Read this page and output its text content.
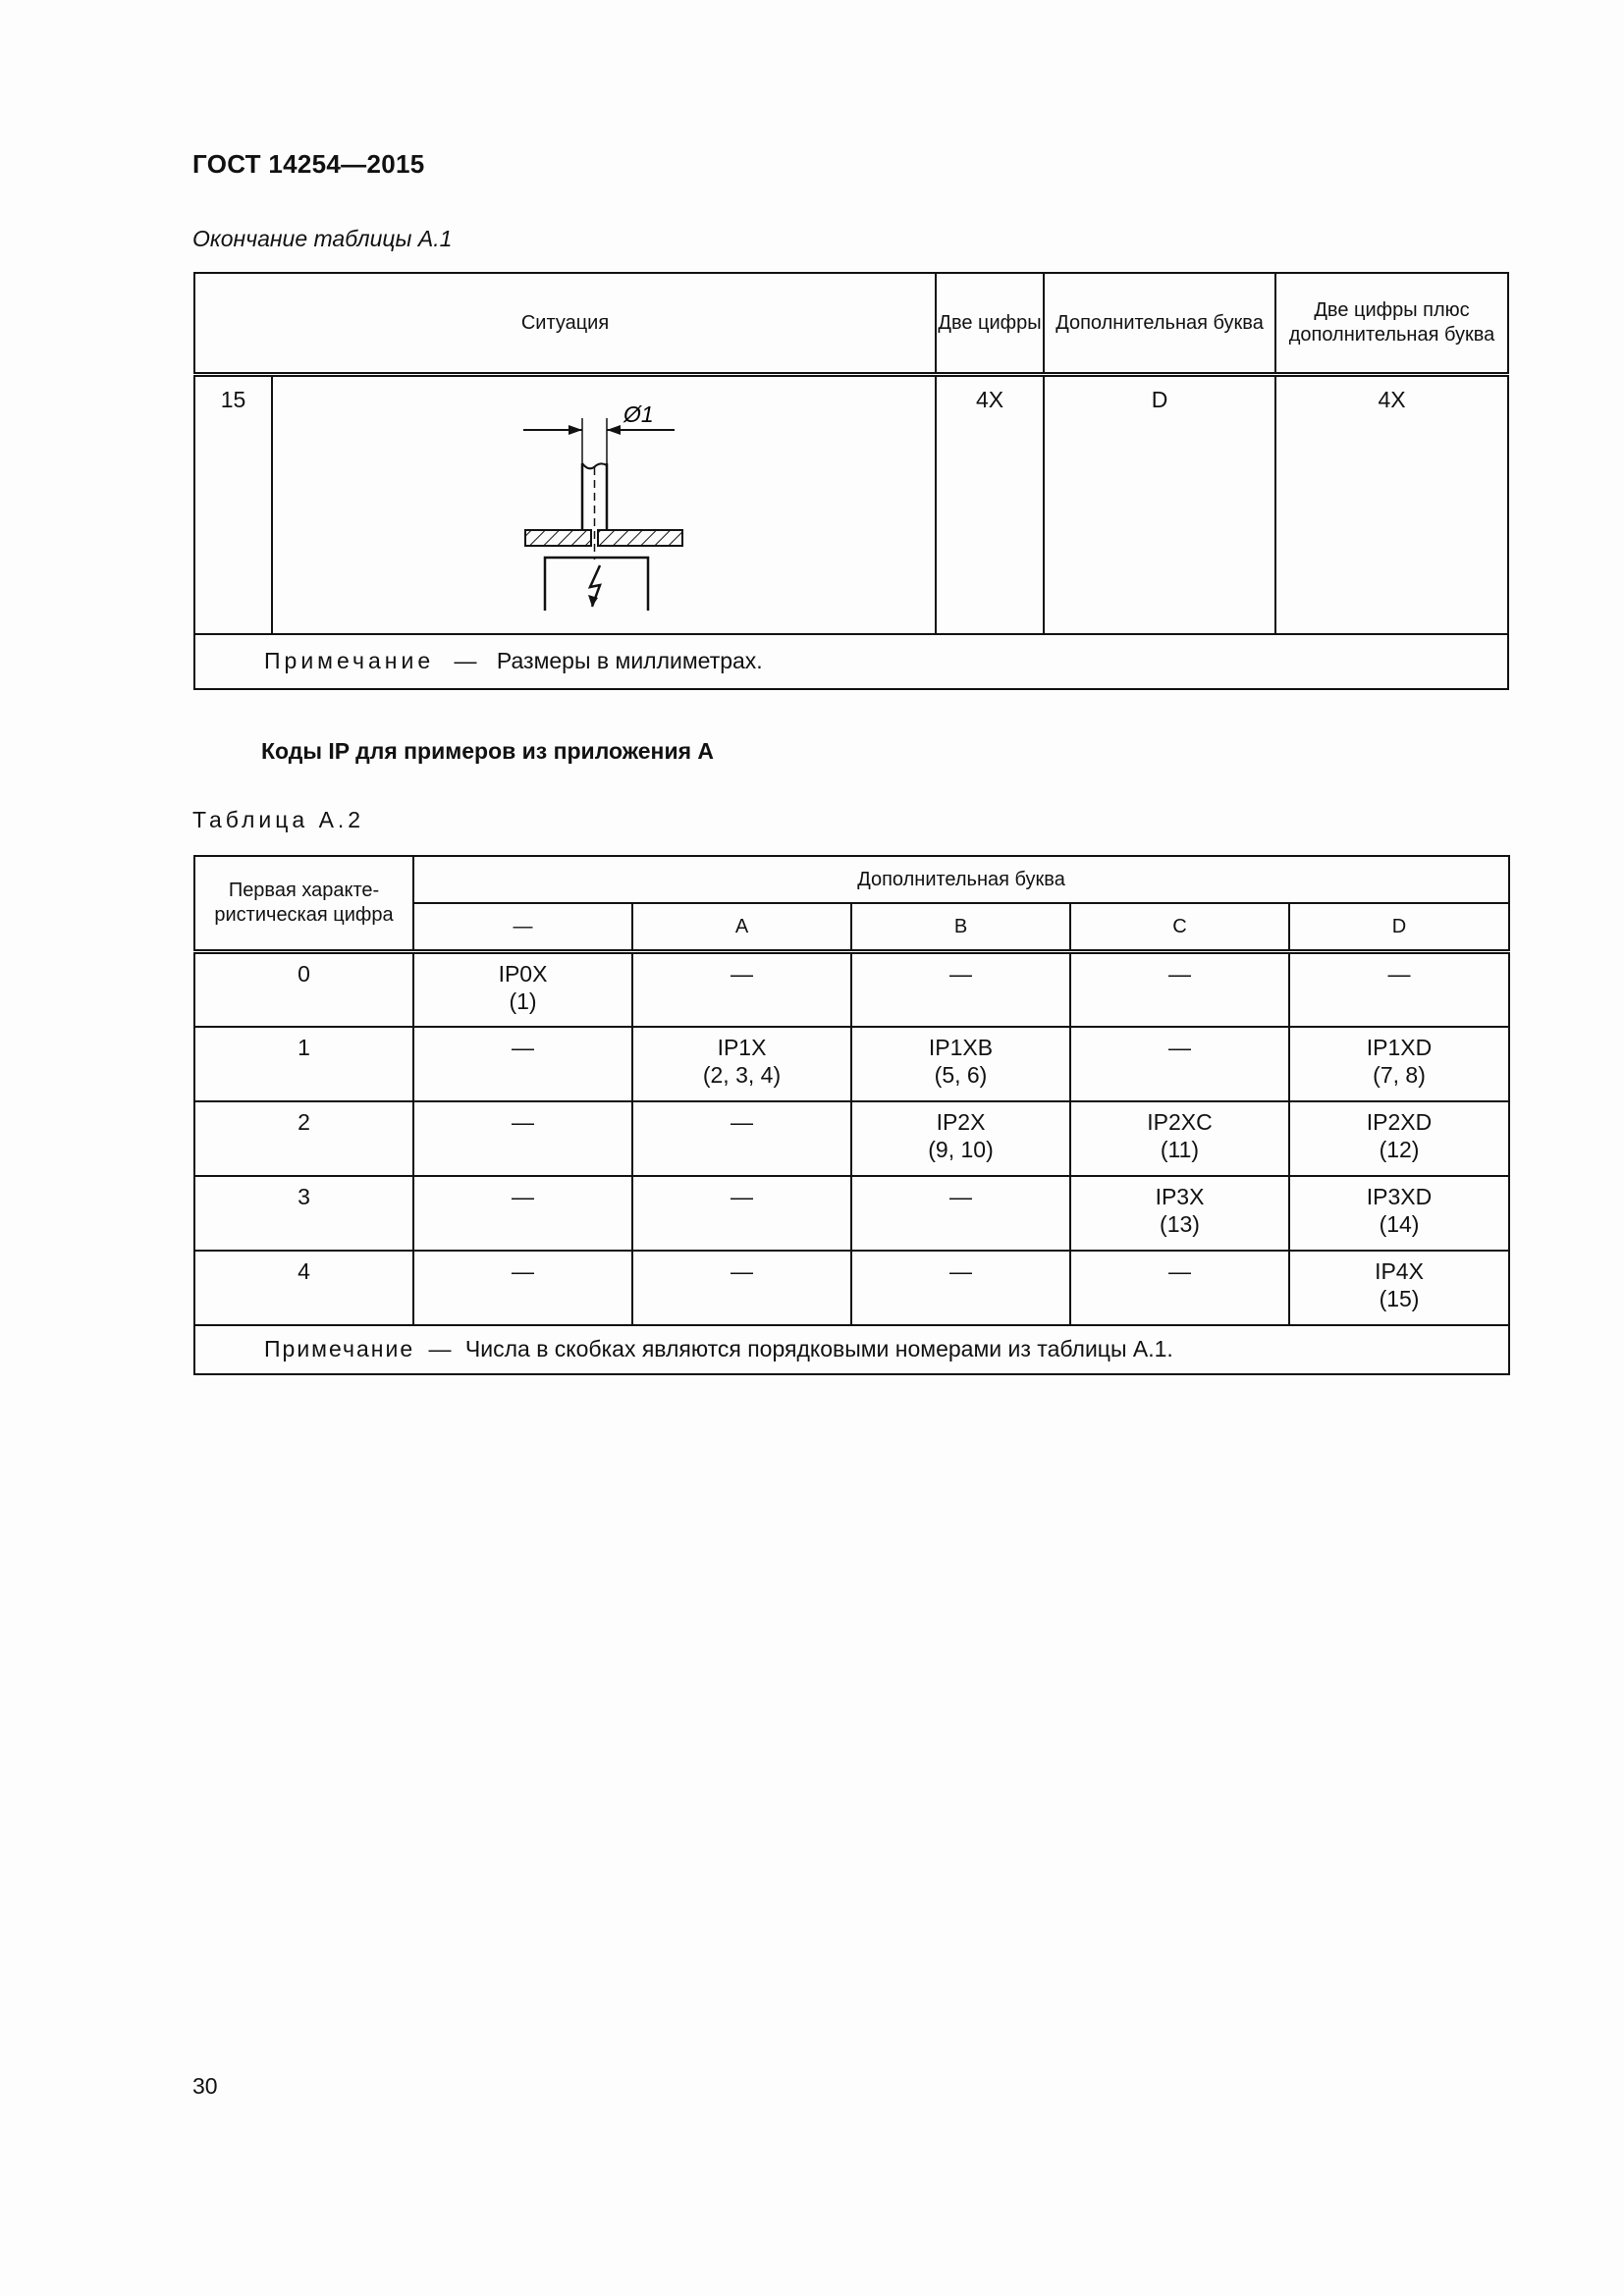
ГОСТ 14254—2015
Окончание таблицы А.1
Ситуация		Две цифры	Дополнительная буква	Две цифры плюс дополнительная буква
15	Ø1	4X	D	4X
Примечание — Размеры в миллиметрах.				
Коды IP для примеров из приложения А
Таблица А.2
Первая характе-ристическая цифра	Дополнительная буква				
	—	A	B	C	D
0	IP0X
(1)	—	—	—	—

1	—	IP1X
(2, 3, 4)	IP1XB
(5, 6)	—	IP1XD
(7, 8)

2	—	—	IP2X
(9, 10)	IP2XC
(11)	IP2XD
(12)

3	—	—	—	IP3X
(13)	IP3XD
(14)

4	—	—	—	—	IP4X
(15)

Примечание — Числа в скобках являются порядковыми номерами из таблицы А.1.					
30
